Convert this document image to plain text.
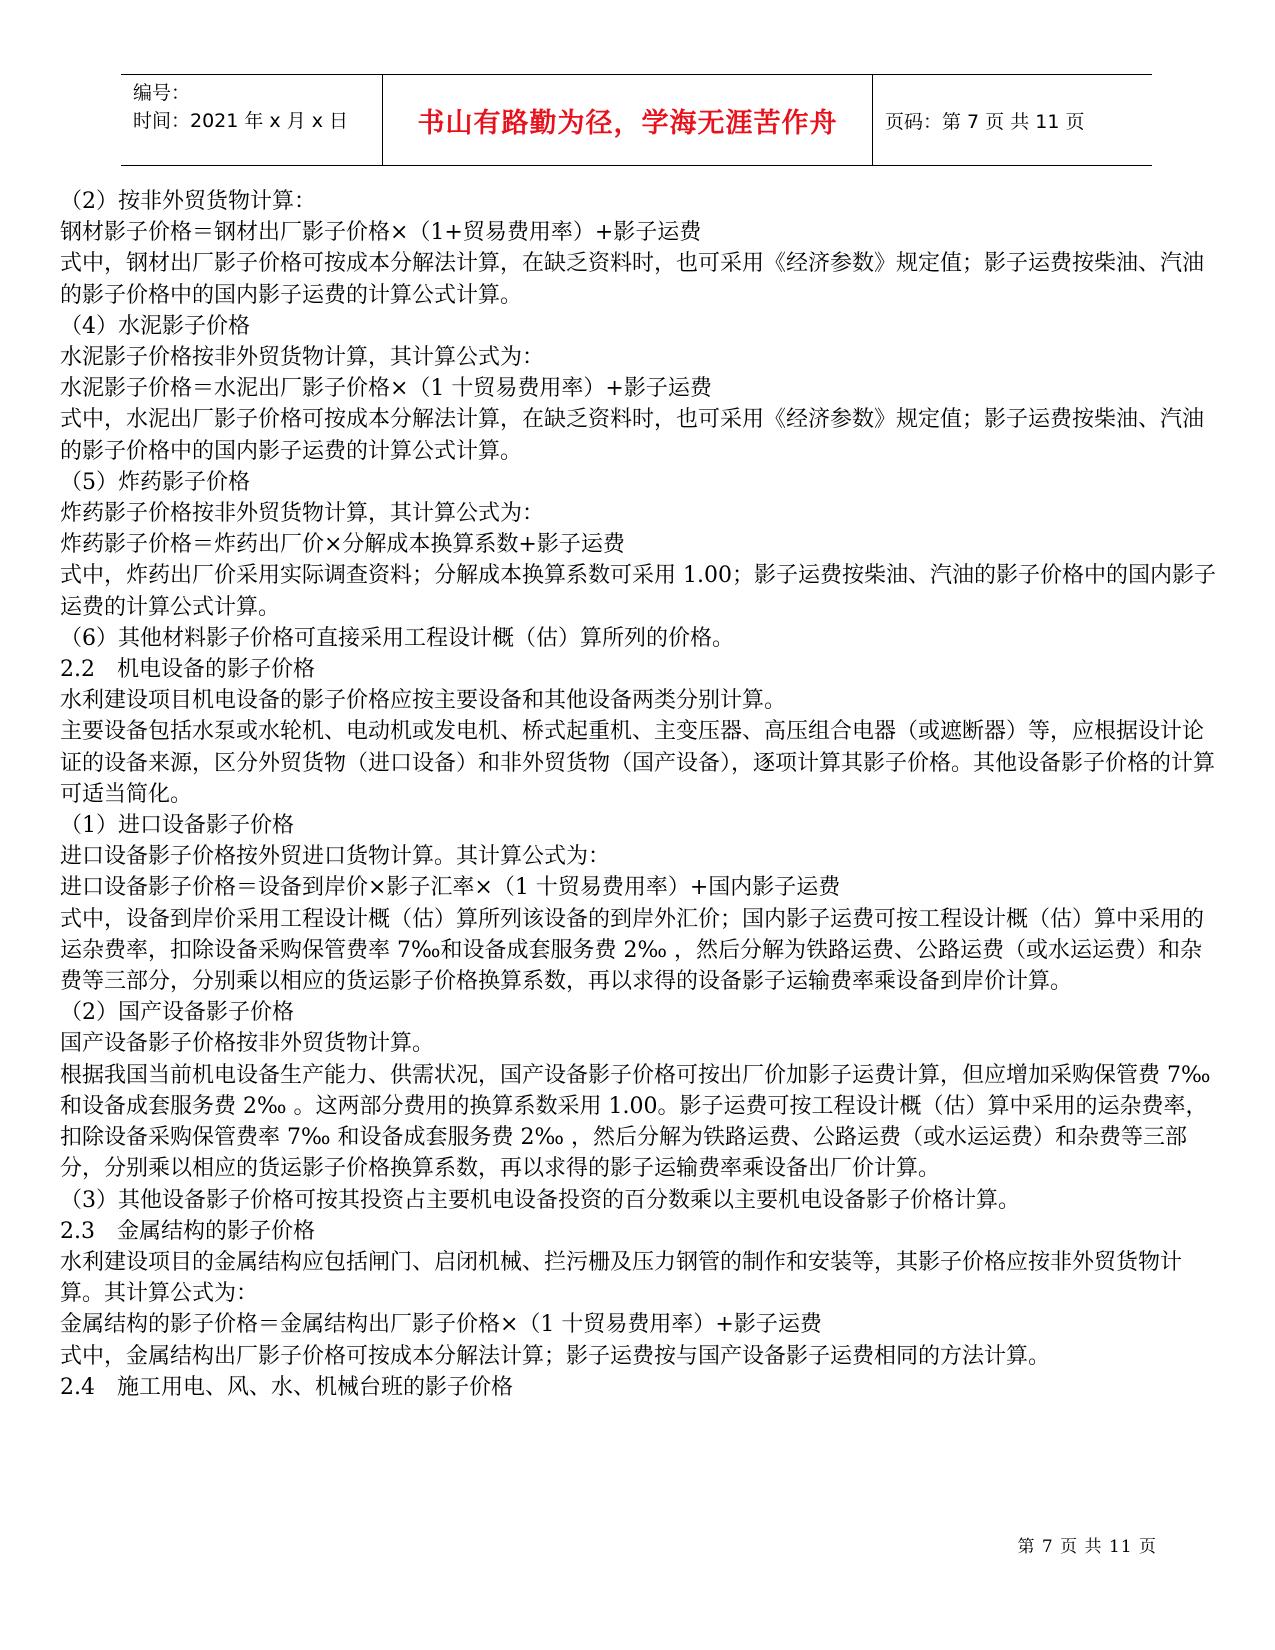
编号：
时间：2021 年 x 月 x 日	书山有路勤为径，学海无涯苦作舟	页码：第 7 页 共 11 页

（2）按非外贸货物计算：

钢材影子价格＝钢材出厂影子价格×（1+贸易费用率）+影子运费

式中，钢材出厂影子价格可按成本分解法计算，在缺乏资料时，也可采用《经济参数》规定值；影子运费按柴油、汽油的影子价格中的国内影子运费的计算公式计算。

（4）水泥影子价格

水泥影子价格按非外贸货物计算，其计算公式为：

水泥影子价格＝水泥出厂影子价格×（1 十贸易费用率）+影子运费

式中，水泥出厂影子价格可按成本分解法计算，在缺乏资料时，也可采用《经济参数》规定值；影子运费按柴油、汽油的影子价格中的国内影子运费的计算公式计算。

（5）炸药影子价格

炸药影子价格按非外贸货物计算，其计算公式为：

炸药影子价格＝炸药出厂价×分解成本换算系数+影子运费

式中，炸药出厂价采用实际调查资料；分解成本换算系数可采用 1.00；影子运费按柴油、汽油的影子价格中的国内影子运费的计算公式计算。

（6）其他材料影子价格可直接采用工程设计概（估）算所列的价格。

2.2　机电设备的影子价格

水利建设项目机电设备的影子价格应按主要设备和其他设备两类分别计算。

主要设备包括水泵或水轮机、电动机或发电机、桥式起重机、主变压器、高压组合电器（或遮断器）等，应根据设计论证的设备来源，区分外贸货物（进口设备）和非外贸货物（国产设备），逐项计算其影子价格。其他设备影子价格的计算可适当简化。

（1）进口设备影子价格

进口设备影子价格按外贸进口货物计算。其计算公式为：

进口设备影子价格＝设备到岸价×影子汇率×（1 十贸易费用率）+国内影子运费

式中，设备到岸价采用工程设计概（估）算所列该设备的到岸外汇价；国内影子运费可按工程设计概（估）算中采用的运杂费率，扣除设备采购保管费率 7‰和设备成套服务费 2‰ ，然后分解为铁路运费、公路运费（或水运运费）和杂费等三部分，分别乘以相应的货运影子价格换算系数，再以求得的设备影子运输费率乘设备到岸价计算。

（2）国产设备影子价格

国产设备影子价格按非外贸货物计算。

根据我国当前机电设备生产能力、供需状况，国产设备影子价格可按出厂价加影子运费计算，但应增加采购保管费 7‰和设备成套服务费 2‰ 。这两部分费用的换算系数采用 1.00。影子运费可按工程设计概（估）算中采用的运杂费率，扣除设备采购保管费率 7‰ 和设备成套服务费 2‰ ，然后分解为铁路运费、公路运费（或水运运费）和杂费等三部分，分别乘以相应的货运影子价格换算系数，再以求得的影子运输费率乘设备出厂价计算。

（3）其他设备影子价格可按其投资占主要机电设备投资的百分数乘以主要机电设备影子价格计算。

2.3　金属结构的影子价格

水利建设项目的金属结构应包括闸门、启闭机械、拦污栅及压力钢管的制作和安装等，其影子价格应按非外贸货物计算。其计算公式为：

金属结构的影子价格＝金属结构出厂影子价格×（1 十贸易费用率）+影子运费

式中，金属结构出厂影子价格可按成本分解法计算；影子运费按与国产设备影子运费相同的方法计算。

2.4　施工用电、风、水、机械台班的影子价格

第 7 页 共 11 页
